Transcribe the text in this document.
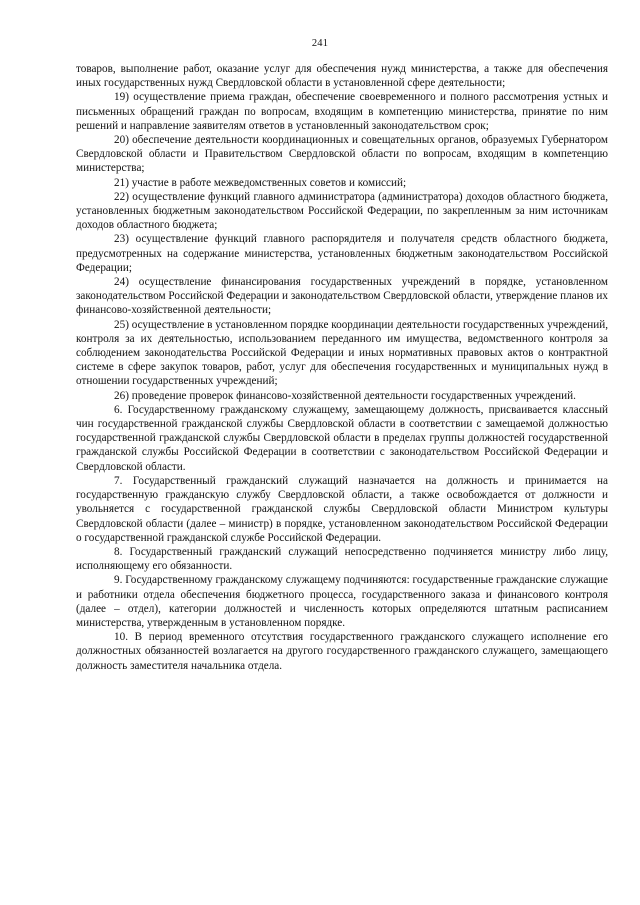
241

товаров, выполнение работ, оказание услуг для обеспечения нужд министерства, а также для обеспечения иных государственных нужд Свердловской области в установленной сфере деятельности;

19) осуществление приема граждан, обеспечение своевременного и полного рассмотрения устных и письменных обращений граждан по вопросам, входящим в компетенцию министерства, принятие по ним решений и направление заявителям ответов в установленный законодательством срок;

20) обеспечение деятельности координационных и совещательных органов, образуемых Губернатором Свердловской области и Правительством Свердловской области по вопросам, входящим в компетенцию министерства;

21) участие в работе межведомственных советов и комиссий;

22) осуществление функций главного администратора (администратора) доходов областного бюджета, установленных бюджетным законодательством Российской Федерации, по закрепленным за ним источникам доходов областного бюджета;

23) осуществление функций главного распорядителя и получателя средств областного бюджета, предусмотренных на содержание министерства, установленных бюджетным законодательством Российской Федерации;

24) осуществление финансирования государственных учреждений в порядке, установленном законодательством Российской Федерации и законодательством Свердловской области, утверждение планов их финансово-хозяйственной деятельности;

25) осуществление в установленном порядке координации деятельности государственных учреждений, контроля за их деятельностью, использованием переданного им имущества, ведомственного контроля за соблюдением законодательства Российской Федерации и иных нормативных правовых актов о контрактной системе в сфере закупок товаров, работ, услуг для обеспечения государственных и муниципальных нужд в отношении государственных учреждений;

26) проведение проверок финансово-хозяйственной деятельности государственных учреждений.

6. Государственному гражданскому служащему, замещающему должность, присваивается классный чин государственной гражданской службы Свердловской области в соответствии с замещаемой должностью государственной гражданской службы Свердловской области в пределах группы должностей государственной гражданской службы Российской Федерации в соответствии с законодательством Российской Федерации и Свердловской области.

7. Государственный гражданский служащий назначается на должность и принимается на государственную гражданскую службу Свердловской области, а также освобождается от должности и увольняется с государственной гражданской службы Свердловской области Министром культуры Свердловской области (далее – министр) в порядке, установленном законодательством Российской Федерации о государственной гражданской службе Российской Федерации.

8. Государственный гражданский служащий непосредственно подчиняется министру либо лицу, исполняющему его обязанности.

9. Государственному гражданскому служащему подчиняются: государственные гражданские служащие и работники отдела обеспечения бюджетного процесса, государственного заказа и финансового контроля (далее – отдел), категории должностей и численность которых определяются штатным расписанием министерства, утвержденным в установленном порядке.

10. В период временного отсутствия государственного гражданского служащего исполнение его должностных обязанностей возлагается на другого государственного гражданского служащего, замещающего должность заместителя начальника отдела.
